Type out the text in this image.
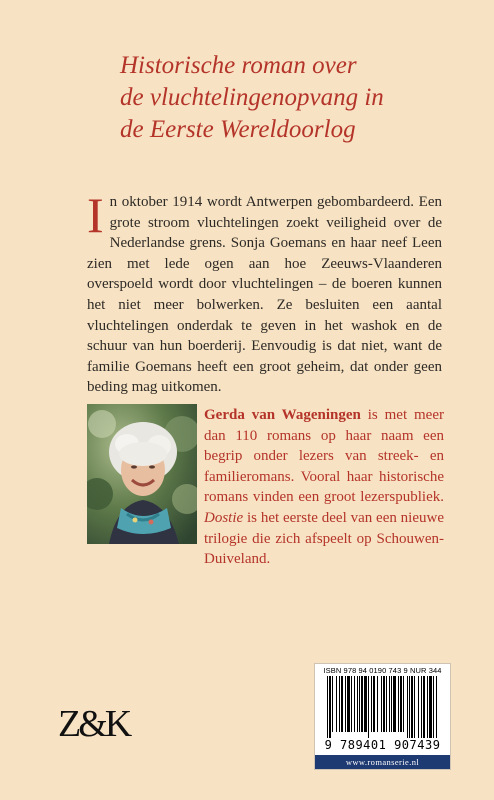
Historische roman over
de vluchtelingenopvang in
de Eerste Wereldoorlog
In oktober 1914 wordt Antwerpen gebombardeerd. Een grote stroom vluchtelingen zoekt veiligheid over de Nederlandse grens. Sonja Goemans en haar neef Leen zien met lede ogen aan hoe Zeeuws-Vlaanderen overspoeld wordt door vluchtelingen – de boeren kunnen het niet meer bolwerken. Ze besluiten een aantal vluchtelingen onderdak te geven in het washok en de schuur van hun boerderij. Eenvoudig is dat niet, want de familie Goemans heeft een groot geheim, dat onder geen beding mag uitkomen.
Gerda van Wageningen is met meer dan 110 romans op haar naam een begrip onder lezers van streek- en familieromans. Vooral haar historische romans vinden een groot lezerspubliek. Dostie is het eerste deel van een nieuwe trilogie die zich afspeelt op Schouwen-Duiveland.
ISBN 978 94 0190 743 9 NUR 344
9 789401 907439
www.romanserie.nl
Z&K
